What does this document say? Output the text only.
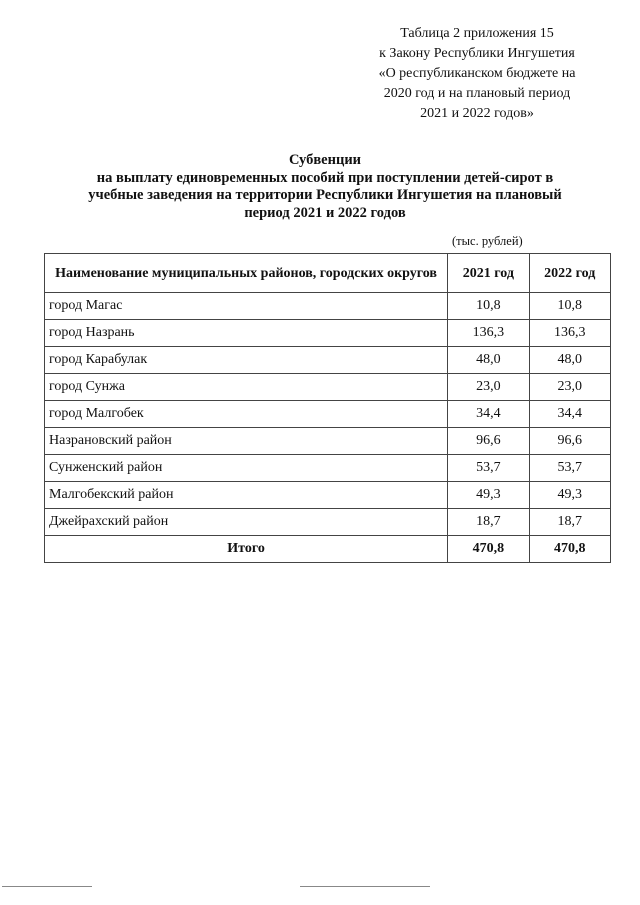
Таблица 2 приложения 15
к Закону Республики Ингушетия
«О республиканском бюджете на
2020 год и на плановый период
2021 и 2022 годов»
Субвенции
на выплату единовременных пособий при поступлении детей-сирот в
учебные заведения на территории Республики Ингушетия на плановый
период 2021 и 2022 годов
(тыс. рублей)
Наименование муниципальных районов, городских округов	2021 год	2022 год
город Магас	10,8	10,8
город Назрань	136,3	136,3
город Карабулак	48,0	48,0
город Сунжа	23,0	23,0
город Малгобек	34,4	34,4
Назрановский район	96,6	96,6
Сунженский район	53,7	53,7
Малгобекский район	49,3	49,3
Джейрахский район	18,7	18,7
Итого	470,8	470,8
